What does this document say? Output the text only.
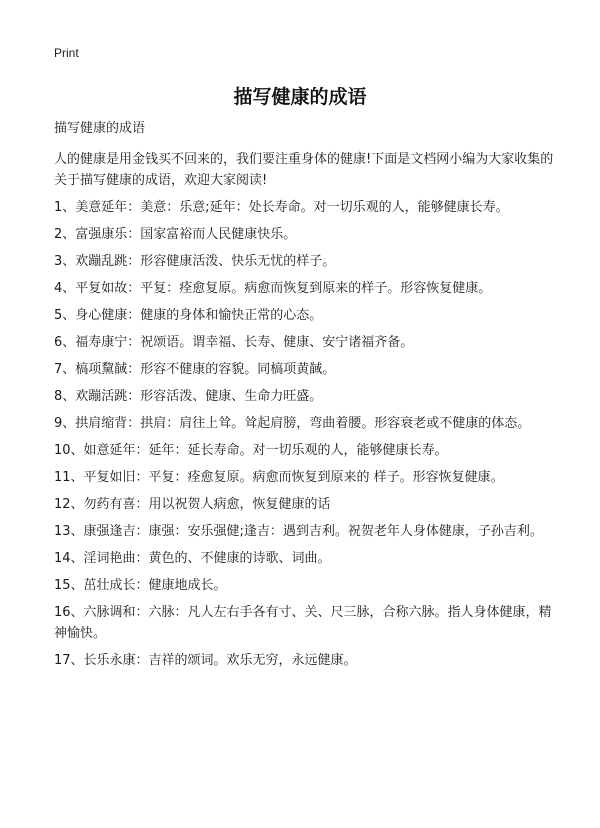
Print
描写健康的成语
描写健康的成语
人的健康是用金钱买不回来的，我们要注重身体的健康!下面是文档网小编为大家收集的关于描写健康的成语，欢迎大家阅读!
1、美意延年：美意：乐意;延年：处长寿命。对一切乐观的人，能够健康长寿。
2、富强康乐：国家富裕而人民健康快乐。
3、欢蹦乱跳：形容健康活泼、快乐无忧的样子。
4、平复如故：平复：痊愈复原。病愈而恢复到原来的样子。形容恢复健康。
5、身心健康：健康的身体和愉快正常的心态。
6、福寿康宁：祝颂语。谓幸福、长寿、健康、安宁诸福齐备。
7、槁项黧馘：形容不健康的容貌。同槁项黄馘。
8、欢蹦活跳：形容活泼、健康、生命力旺盛。
9、拱肩缩背：拱肩：肩往上耸。耸起肩膀，弯曲着腰。形容衰老或不健康的体态。
10、如意延年：延年：延长寿命。对一切乐观的人，能够健康长寿。
11、平复如旧：平复：痊愈复原。病愈而恢复到原来的 样子。形容恢复健康。
12、勿药有喜：用以祝贺人病愈，恢复健康的话
13、康强逢吉：康强：安乐强健;逢吉：遇到吉利。祝贺老年人身体健康，子孙吉利。
14、淫词艳曲：黄色的、不健康的诗歌、词曲。
15、茁壮成长：健康地成长。
16、六脉调和：六脉：凡人左右手各有寸、关、尺三脉，合称六脉。指人身体健康，精神愉快。
17、长乐永康：吉祥的颂词。欢乐无穷，永远健康。
